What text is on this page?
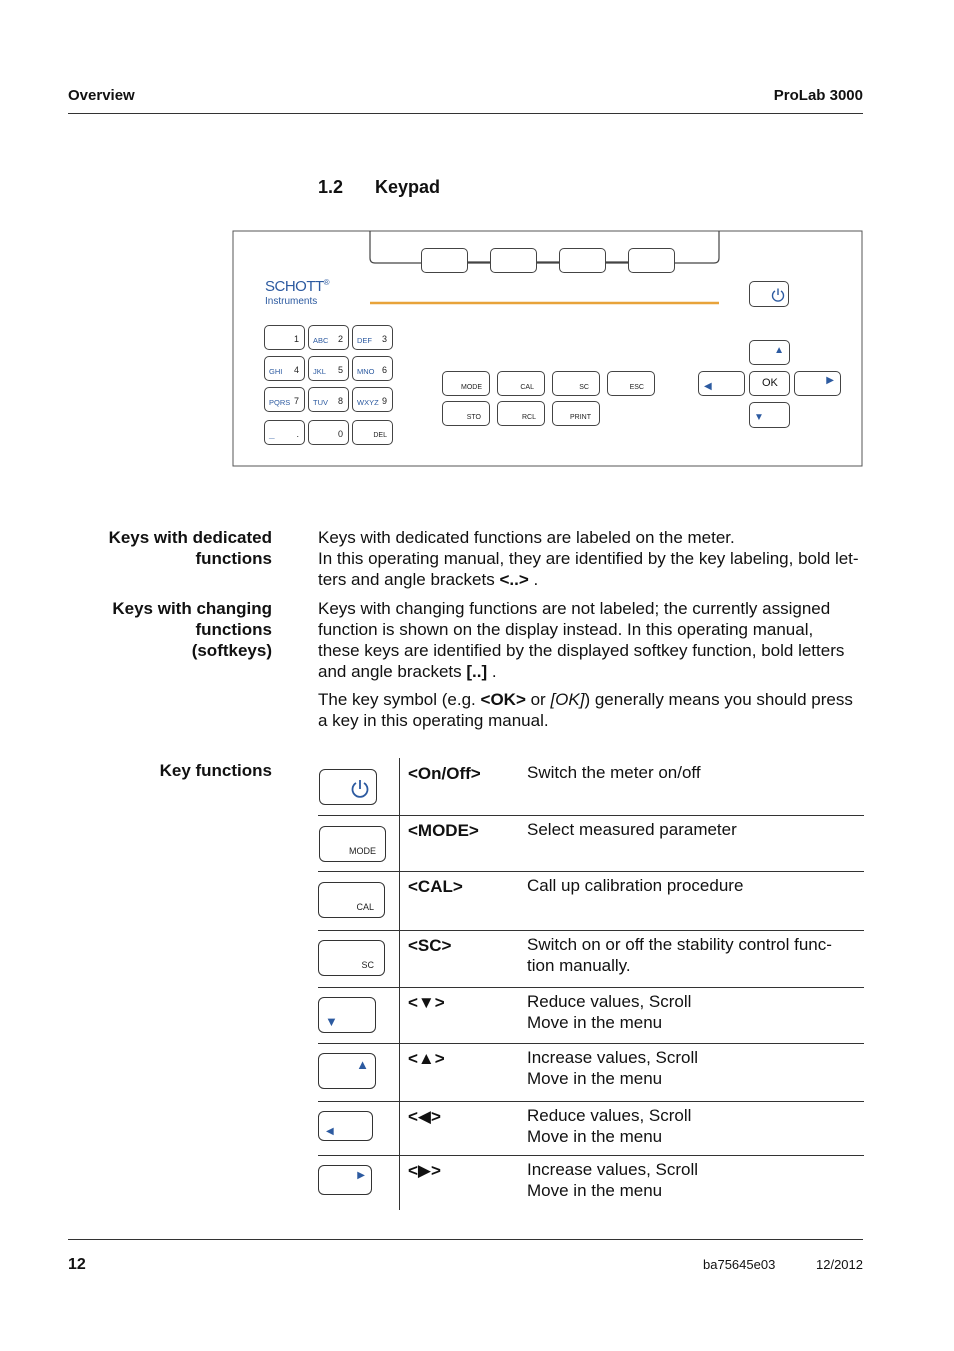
Overview	ProLab 3000
1.2 Keypad
SCHOTT®
Instruments
▲
◀	OK	▶
▼
1	2
ABC	3
DEF
4
GHI	5
JKL	6
MNO
7
PQRS	8
TUV	9
WXYZ
.
_	0	DEL
MODE	CAL	SC	ESC
STO	RCL	PRINT
Keys with dedicated
functions
Keys with dedicated functions are labeled on the meter.
In this operating manual, they are identified by the key labeling, bold let-
ters and angle brackets <..> .
Keys with changing
functions
(softkeys)
Keys with changing functions are not labeled; the currently assigned
function is shown on the display instead. In this operating manual,
these keys are identified by the displayed softkey function, bold letters
and angle brackets [..] .
The key symbol (e.g. <OK> or [OK]) generally means you should press
a key in this operating manual.
Key functions
12	ba75645e03	12/2012
<On/Off>	Switch the meter on/off
MODE
<MODE>	Select measured parameter
CAL
<CAL>	Call up calibration procedure
SC
<SC>	Switch on or off the stability control func-
tion manually.
▼
<▼>	Reduce values, Scroll
Move in the menu
▲ <▲>	Increase values, Scroll
Move in the menu
◀
<◀>	Reduce values, Scroll
Move in the menu
▶	<▶>	Increase values, Scroll
Move in the menu
